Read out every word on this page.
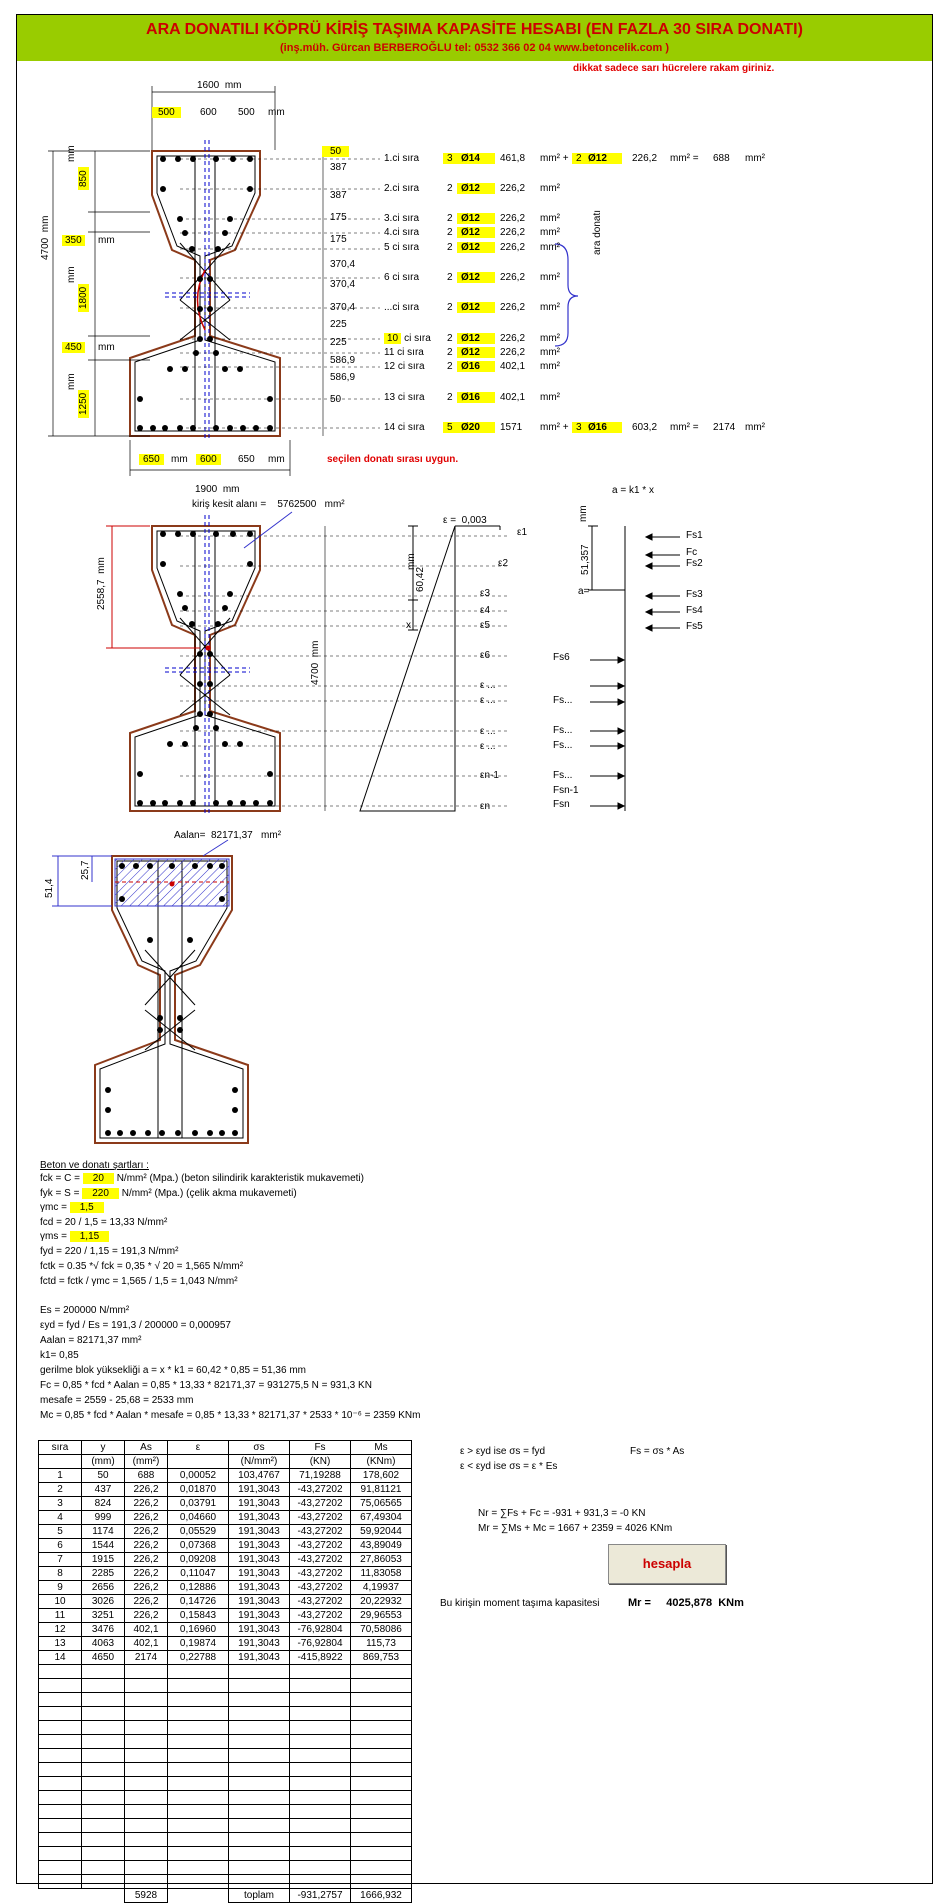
ARA DONATILI KÖPRÜ KİRİŞ TAŞIMA KAPASİTE HESABI (EN FAZLA 30 SIRA DONATI)
(inş.müh. Gürcan BERBEROĞLU tel: 0532 366 02 04 www.betoncelik.com )
dikkat sadece sarı hücrelere rakam giriniz.
1600 mm
500	600 500 mm
4700  mm
850
mm
350	mm
1800
mm
450	mm
1250
mm
50
387
387
175
175
370,4
370,4
370,4
225
225
586,9
586,9
50
1.ci sıra	3 Ø14	461,8 mm² + 2 Ø12	226,2 mm² = 688 mm²
2.ci sıra	2 Ø12	226,2 mm²
3.ci sıra	2 Ø12	226,2 mm²
4.ci sıra	2 Ø12	226,2 mm²
5 ci sıra	2 Ø12	226,2 mm²
6 ci sıra	2 Ø12	226,2 mm²
...ci sıra	2 Ø12	226,2 mm²
10 ci sıra 2 Ø12	226,2 mm²
11 ci sıra 2 Ø12	226,2 mm²
12 ci sıra 2 Ø16	402,1 mm²
13 ci sıra 2 Ø16	402,1 mm²
14 ci sıra	5 Ø20	1571 mm² + 3 Ø16	603,2 mm² = 2174 mm²
ara donatı
650	mm	600	650 mm	seçilen donatı sırası uygun.
1900 mm
kiriş kesit alanı = 5762500 mm²
a = k1 * x
ε = 0,003
60,42
x
a=
51,357
2558,7  mm
4700  mm
mm
mm
ε1
ε2
ε3
ε4
ε5
ε6
ε ...
ε ...
ε ...
ε ...
εn-1
εn
Fs1
Fc
Fs2
Fs3
Fs4
Fs5
Fs6
Fs...
Fs...
Fs...
Fs...
Fsn-1
Fsn
Aalan= 82171,37 mm²
51,4
25,7
Beton ve donatı şartları :
fck = C = 20 N/mm² (Mpa.) (beton silindirik karakteristik mukavemeti)
fyk = S = 220 N/mm² (Mpa.) (çelik akma mukavemeti)
γmc = 1,5
fcd = 20 / 1,5 = 13,33 N/mm²
γms = 1,15
fyd = 220 / 1,15 = 191,3 N/mm²
fctk = 0.35 *√ fck = 0,35 * √ 20 = 1,565 N/mm²
fctd = fctk / γmc = 1,565 / 1,5 = 1,043 N/mm²
Es = 200000 N/mm²
εyd = fyd / Es = 191,3 / 200000 = 0,000957
Aalan = 82171,37 mm²
k1= 0,85
gerilme blok yüksekliği a = x * k1 = 60,42 * 0,85 = 51,36 mm
Fc = 0,85 * fcd * Aalan = 0,85 * 13,33 * 82171,37 = 931275,5 N = 931,3 KN
mesafe = 2559 - 25,68 = 2533 mm
Mc = 0,85 * fcd * Aalan * mesafe = 0,85 * 13,33 * 82171,37 * 2533 * 10⁻⁶ = 2359 KNm
sıra	y	As	ε	σs	Fs	Ms
	(mm)	(mm²)		(N/mm²)	(KN)	(KNm)
1	50	688	0,00052	103,4767	71,19288	178,602
2	437	226,2	0,01870	191,3043	-43,27202	91,81121
3	824	226,2	0,03791	191,3043	-43,27202	75,06565
4	999	226,2	0,04660	191,3043	-43,27202	67,49304
5	1174	226,2	0,05529	191,3043	-43,27202	59,92044
6	1544	226,2	0,07368	191,3043	-43,27202	43,89049
7	1915	226,2	0,09208	191,3043	-43,27202	27,86053
8	2285	226,2	0,11047	191,3043	-43,27202	11,83058
9	2656	226,2	0,12886	191,3043	-43,27202	4,19937
10	3026	226,2	0,14726	191,3043	-43,27202	20,22932
11	3251	226,2	0,15843	191,3043	-43,27202	29,96553
12	3476	402,1	0,16960	191,3043	-76,92804	70,58086
13	4063	402,1	0,19874	191,3043	-76,92804	115,73
14	4650	2174	0,22788	191,3043	-415,8922	869,753

		5928		toplam	-931,2757	1666,932
ε > εyd ise σs = fyd
ε < εyd ise σs = ε * Es
Fs = σs * As
Nr = ∑Fs + Fc = -931 + 931,3 = -0 KN
Mr = ∑Ms + Mc = 1667 + 2359 = 4026 KNm
hesapla
Bu kirişin moment taşıma kapasitesi	Mr = 4025,878 KNm
